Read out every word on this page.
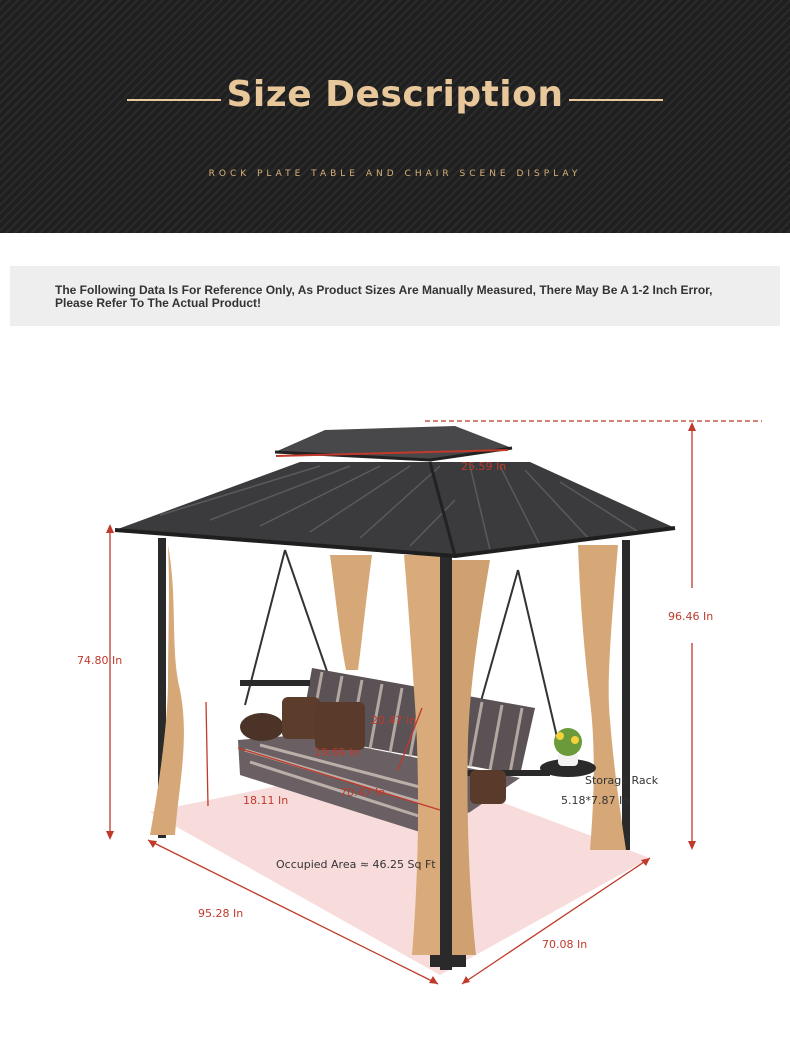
Size Description
ROCK PLATE TABLE AND CHAIR SCENE DISPLAY
The Following Data Is For Reference Only, As Product Sizes Are Manually Measured, There May Be A 1-2 Inch Error, Please Refer To The Actual Product!
25.59 In
96.46 In
74.80 In
20.47 In
19.69 In
18.11 In
70.47 In
Storage Rack
5.18*7.87 In
Occupied Area ≈ 46.25 Sq Ft
95.28 In
70.08 In
